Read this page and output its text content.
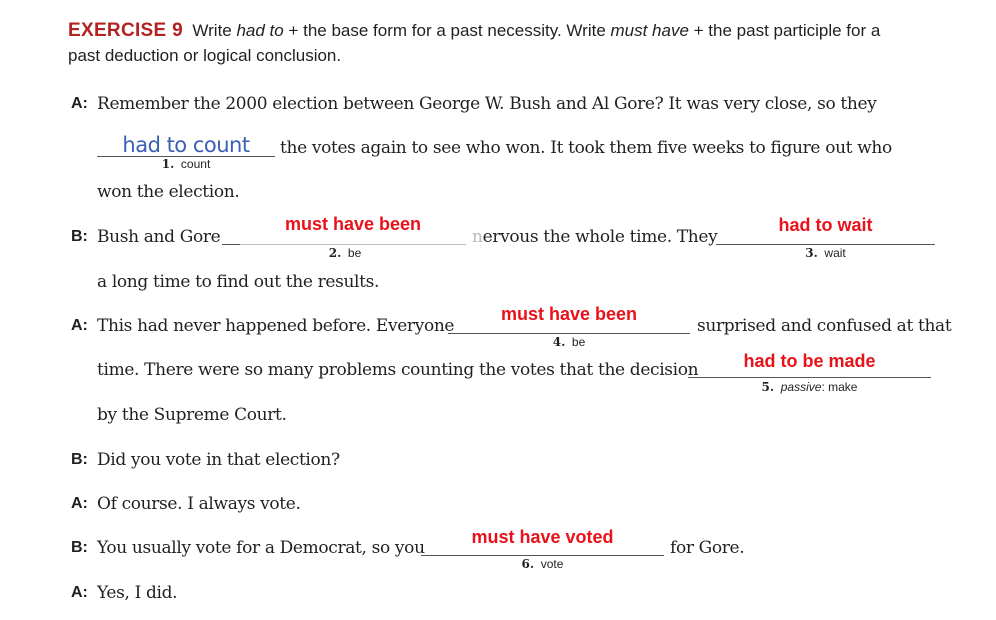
EXERCISE 9 Write had to + the base form for a past necessity. Write must have + the past participle for a
past deduction or logical conclusion.
A: Remember the 2000 election between George W. Bush and Al Gore? It was very close, so they
had to count
1. count
the votes again to see who won. It took them five weeks to figure out who
won the election.
B: Bush and Gore
must have been
2. be
nervous the whole time. They
had to wait
3. wait
a long time to find out the results.
A: This had never happened before. Everyone
must have been
4. be
surprised and confused at that
time. There were so many problems counting the votes that the decision	had to be made
5. passive: make
by the Supreme Court.
B: Did you vote in that election?
A: Of course. I always vote.
B: You usually vote for a Democrat, so you
must have voted
6. vote
for Gore.
A: Yes, I did.
